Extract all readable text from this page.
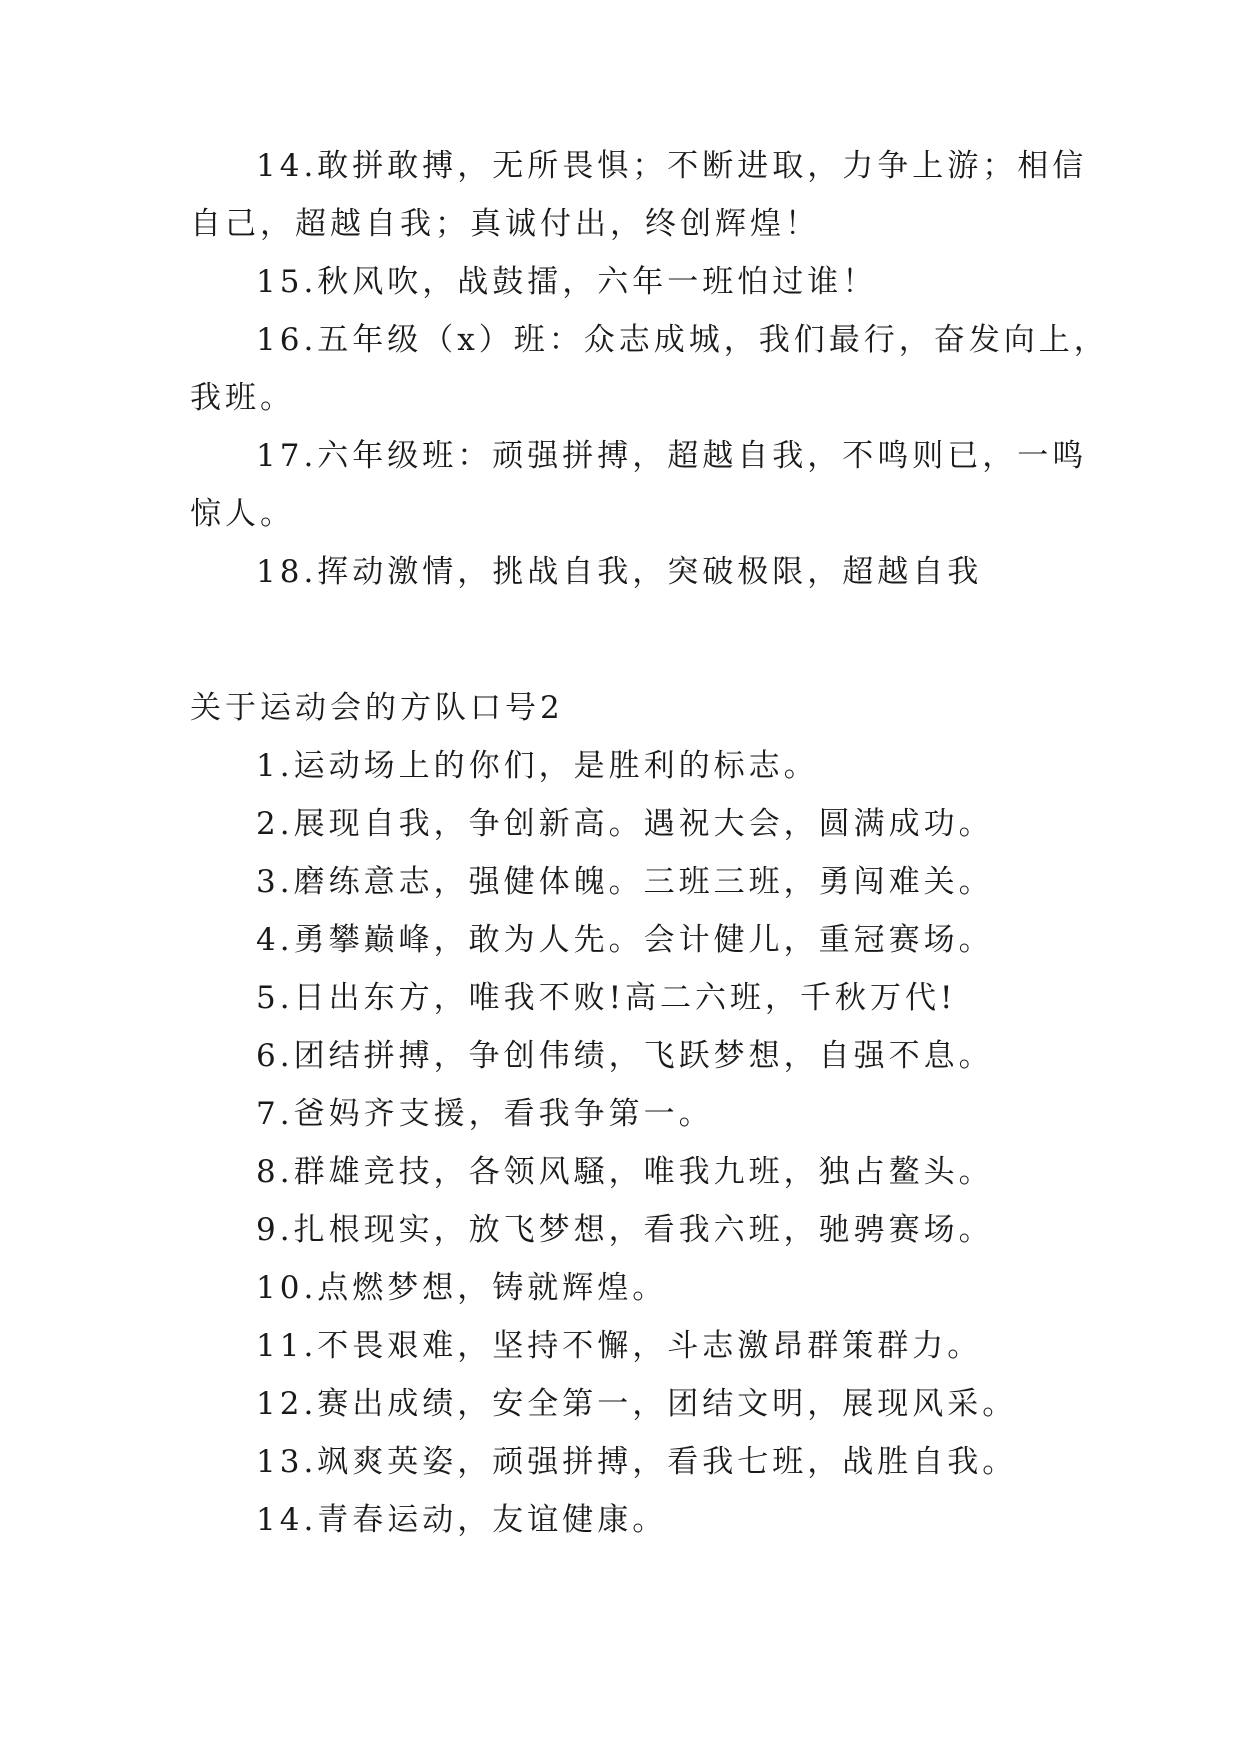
14.敢拼敢搏，无所畏惧；不断进取，力争上游；相信

自己，超越自我；真诚付出，终创辉煌！

15.秋风吹，战鼓擂，六年一班怕过谁！

16.五年级（x）班：众志成城，我们最行，奋发向上，

我班。

17.六年级班：顽强拼搏，超越自我，不鸣则已，一鸣

惊人。

18.挥动激情，挑战自我，突破极限，超越自我

关于运动会的方队口号2

1.运动场上的你们，是胜利的标志。

2.展现自我，争创新高。遇祝大会，圆满成功。

3.磨练意志，强健体魄。三班三班，勇闯难关。

4.勇攀巅峰，敢为人先。会计健儿，重冠赛场。

5.日出东方，唯我不败!高二六班，千秋万代!

6.团结拼搏，争创伟绩，飞跃梦想，自强不息。

7.爸妈齐支援，看我争第一。

8.群雄竞技，各领风騒，唯我九班，独占鳌头。

9.扎根现实，放飞梦想，看我六班，驰骋赛场。

10.点燃梦想，铸就辉煌。

11.不畏艰难，坚持不懈，斗志激昂群策群力。

12.赛出成绩，安全第一，团结文明，展现风采。

13.飒爽英姿，顽强拼搏，看我七班，战胜自我。

14.青春运动，友谊健康。
